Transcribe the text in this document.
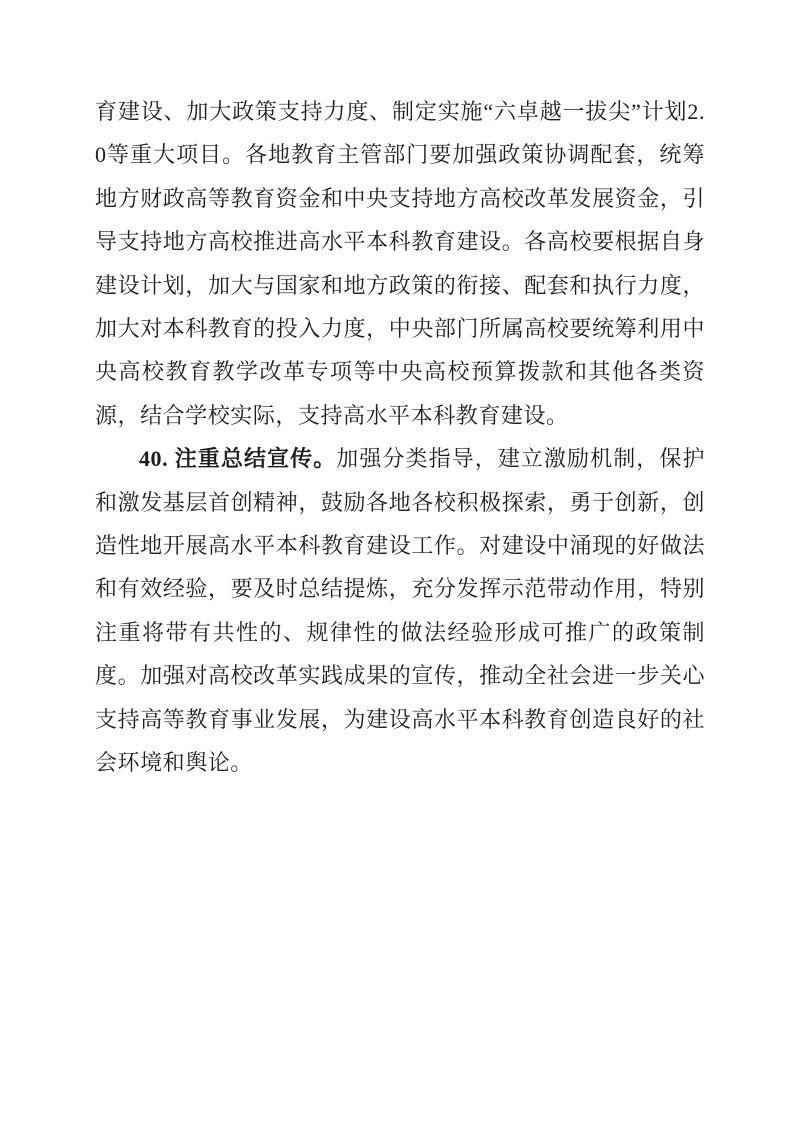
育建设、加大政策支持力度、制定实施“六卓越一拔尖”计划2.0等重大项目。各地教育主管部门要加强政策协调配套，统筹地方财政高等教育资金和中央支持地方高校改革发展资金，引导支持地方高校推进高水平本科教育建设。各高校要根据自身建设计划，加大与国家和地方政策的衔接、配套和执行力度，加大对本科教育的投入力度，中央部门所属高校要统筹利用中央高校教育教学改革专项等中央高校预算拨款和其他各类资源，结合学校实际，支持高水平本科教育建设。

40. 注重总结宣传。加强分类指导，建立激励机制，保护和激发基层首创精神，鼓励各地各校积极探索，勇于创新，创造性地开展高水平本科教育建设工作。对建设中涌现的好做法和有效经验，要及时总结提炼，充分发挥示范带动作用，特别注重将带有共性的、规律性的做法经验形成可推广的政策制度。加强对高校改革实践成果的宣传，推动全社会进一步关心支持高等教育事业发展，为建设高水平本科教育创造良好的社会环境和舆论。
